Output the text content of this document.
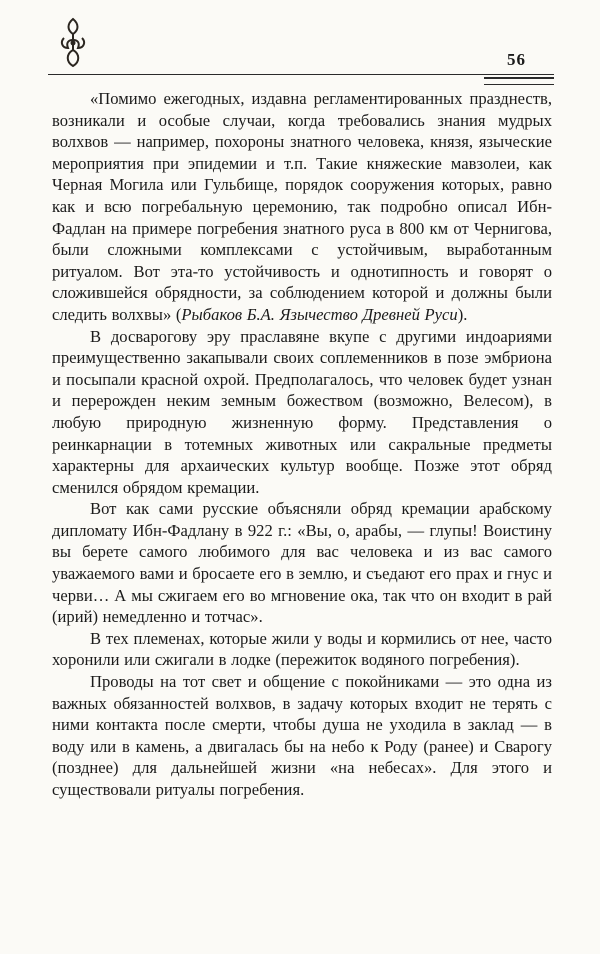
56

«Помимо ежегодных, издавна регламентированных празднеств, возникали и особые случаи, когда требовались знания мудрых волхвов — например, похороны знатного человека, князя, языческие мероприятия при эпидемии и т.п. Такие княжеские мавзолеи, как Черная Могила или Гульбище, порядок сооружения которых, равно как и всю погребальную церемонию, так подробно описал Ибн-Фадлан на примере погребения знатного руса в 800 км от Чернигова, были сложными комплексами с устойчивым, выработанным ритуалом. Вот эта-то устойчивость и однотипность и говорят о сложившейся обрядности, за соблюдением которой и должны были следить волхвы» (Рыбаков Б.А. Язычество Древней Руси).

В досварогову эру праславяне вкупе с другими индоариями преимущественно закапывали своих соплеменников в позе эмбриона и посыпали красной охрой. Предполагалось, что человек будет узнан и перерожден неким земным божеством (возможно, Велесом), в любую природную жизненную форму. Представления о реинкарнации в тотемных животных или сакральные предметы характерны для архаических культур вообще. Позже этот обряд сменился обрядом кремации.

Вот как сами русские объясняли обряд кремации арабскому дипломату Ибн-Фадлану в 922 г.: «Вы, о, арабы, — глупы! Воистину вы берете самого любимого для вас человека и из вас самого уважаемого вами и бросаете его в землю, и съедают его прах и гнус и черви… А мы сжигаем его во мгновение ока, так что он входит в рай (ирий) немедленно и тотчас».

В тех племенах, которые жили у воды и кормились от нее, часто хоронили или сжигали в лодке (пережиток водяного погребения).

Проводы на тот свет и общение с покойниками — это одна из важных обязанностей волхвов, в задачу которых входит не терять с ними контакта после смерти, чтобы душа не уходила в заклад — в воду или в камень, а двигалась бы на небо к Роду (ранее) и Сварогу (позднее) для дальнейшей жизни «на небесах». Для этого и существовали ритуалы погребения.
